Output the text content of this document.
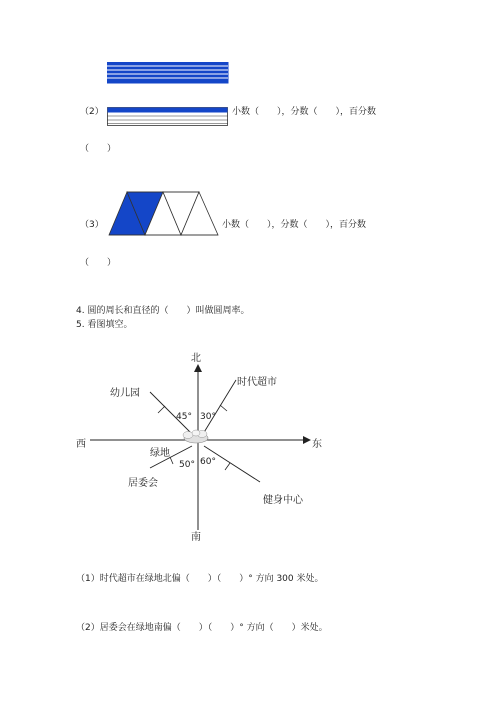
（2）	小数（　　），分数（　　），百分数
（　　）
（3）	小数（　　），分数（　　），百分数
（　　）
4. 圆的周长和直径的（　　）叫做圆周率。
5. 看图填空。
北
南
东
西
幼儿园
时代超市
绿地
居委会
健身中心
45° 30°
50° 60°
（1）时代超市在绿地北偏（　　）（　　）° 方向 300 米处。
（2）居委会在绿地南偏（　　）（　　）° 方向（　　）米处。
